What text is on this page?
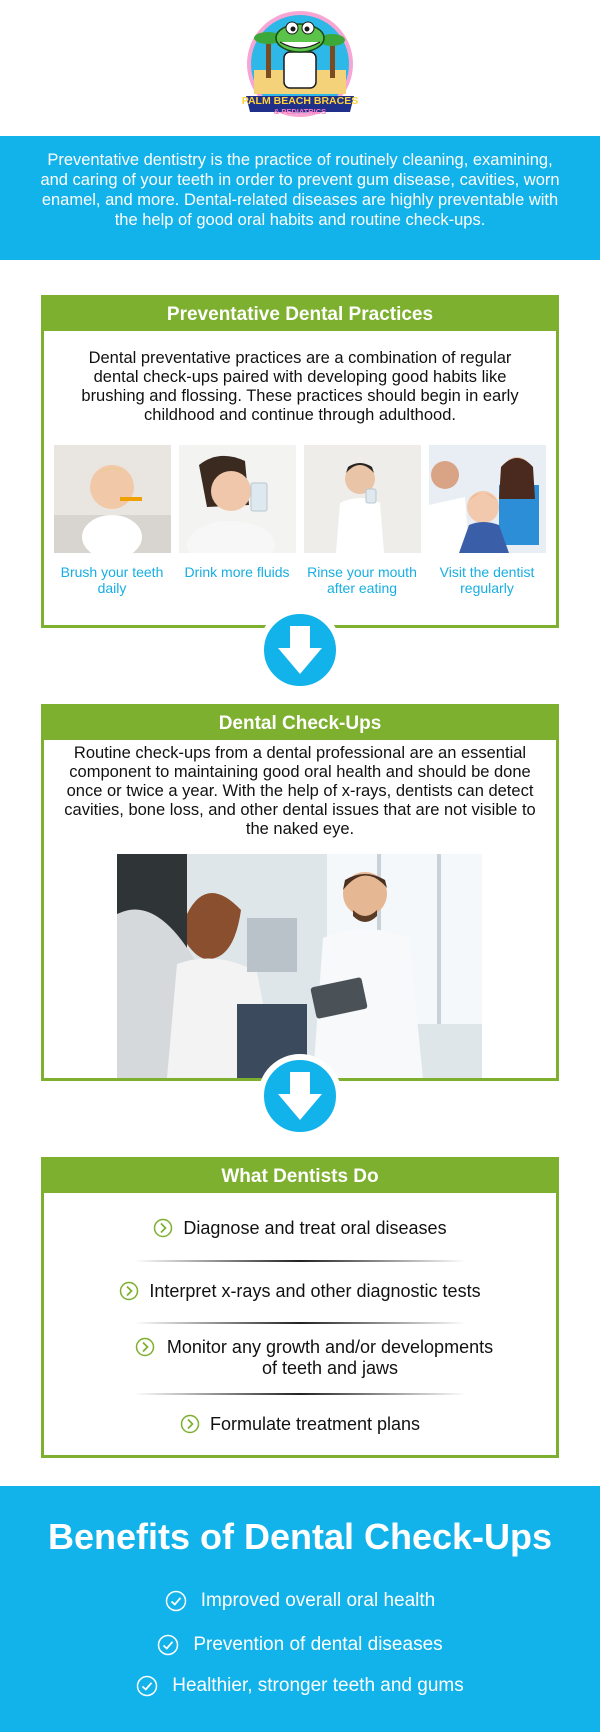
PALM BEACH BRACES
& PEDIATRICS

Preventative dentistry is the practice of routinely cleaning, examining, and caring of your teeth in order to prevent gum disease, cavities, worn enamel, and more. Dental-related diseases are highly preventable with the help of good oral habits and routine check-ups.

Preventative Dental Practices
Dental preventative practices are a combination of regular dental check-ups paired with developing good habits like brushing and flossing. These practices should begin in early childhood and continue through adulthood.
Brush your teeth daily
Drink more fluids	Rinse your mouth after eating
Visit the dentist regularly
Dental Check-Ups
Routine check-ups from a dental professional are an essential component to maintaining good oral health and should be done once or twice a year. With the help of x-rays, dentists can detect cavities, bone loss, and other dental issues that are not visible to the naked eye.
What Dentists Do
Diagnose and treat oral diseases
Interpret x-rays and other diagnostic tests
Monitor any growth and/or developments of teeth and jaws
Formulate treatment plans
Benefits of Dental Check-Ups
Improved overall oral health
Prevention of dental diseases
Healthier, stronger teeth and gums
